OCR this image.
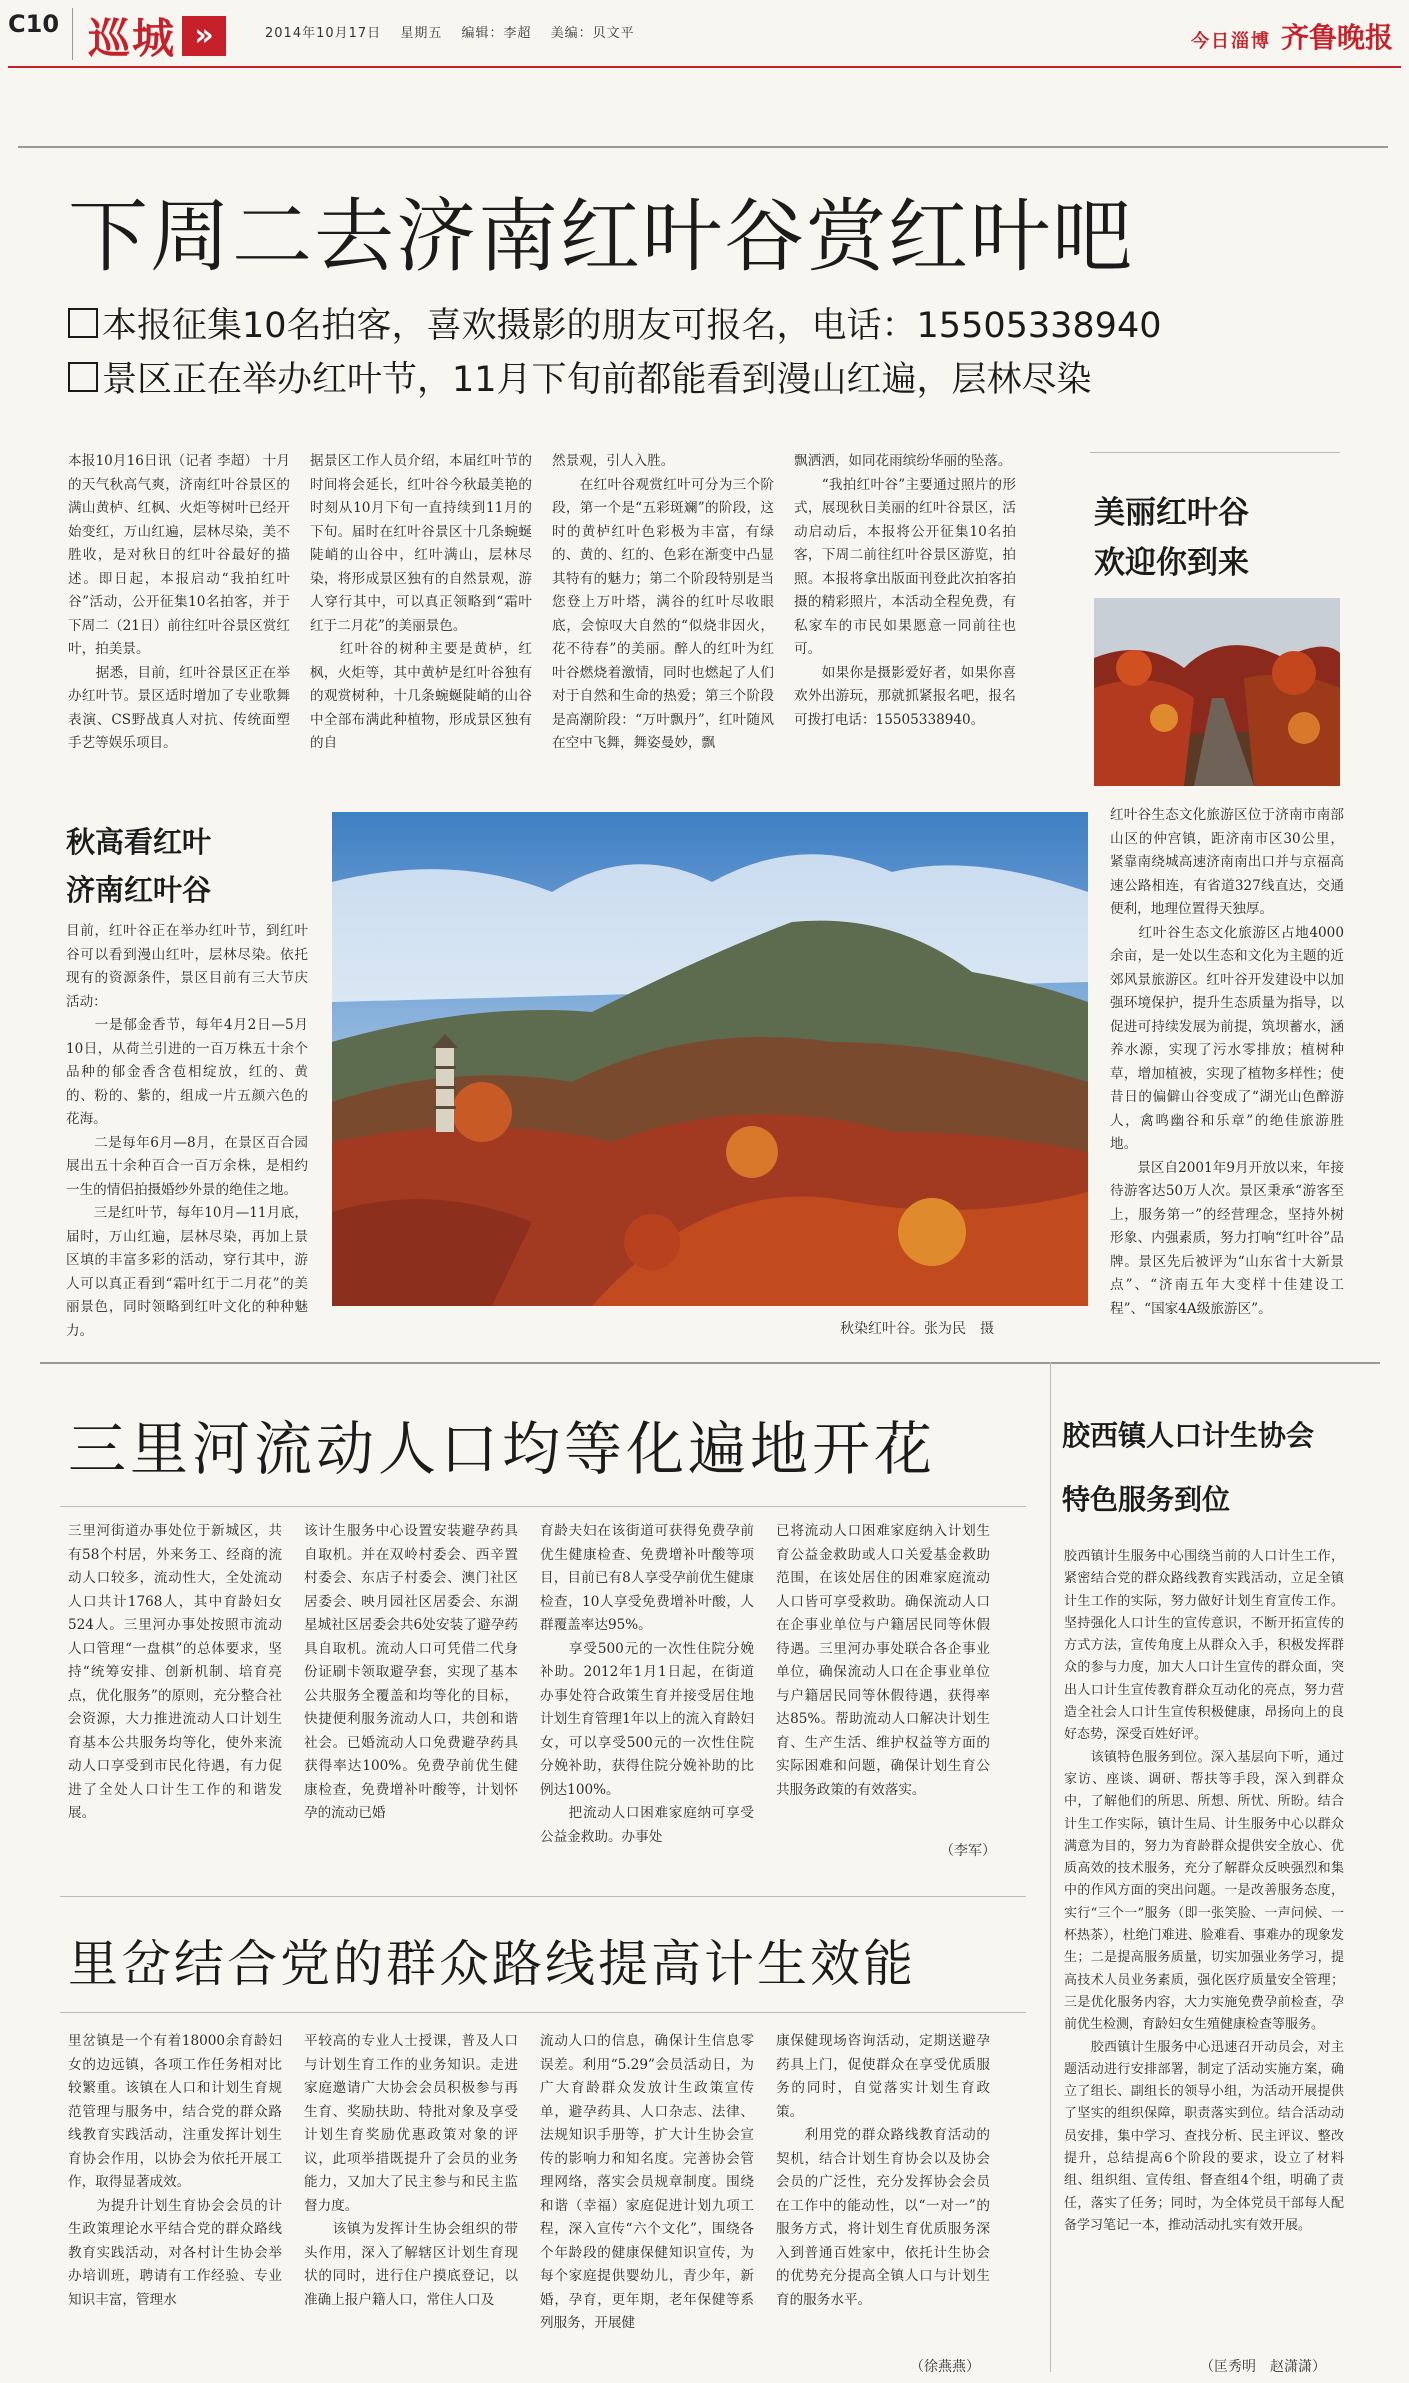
C10 巡城 »	2014年10月17日 星期五 编辑：李超 美编：贝文平	今日淄博 齐鲁晚报
下周二去济南红叶谷赏红叶吧
本报征集10名拍客，喜欢摄影的朋友可报名，电话：15505338940
景区正在举办红叶节，11月下旬前都能看到漫山红遍，层林尽染
本报10月16日讯（记者 李超） 十月的天气秋高气爽，济南红叶谷景区的满山黄栌、红枫、火炬等树叶已经开始变红，万山红遍，层林尽染，美不胜收，是对秋日的红叶谷最好的描述。即日起，本报启动“我拍红叶谷”活动，公开征集10名拍客，并于下周二（21日）前往红叶谷景区赏红叶，拍美景。
　　据悉，目前，红叶谷景区正在举办红叶节。景区适时增加了专业歌舞表演、CS野战真人对抗、传统面塑手艺等娱乐项目。
据景区工作人员介绍，本届红叶节的时间将会延长，红叶谷今秋最美艳的时刻从10月下旬一直持续到11月的下旬。届时在红叶谷景区十几条蜿蜒陡峭的山谷中，红叶满山，层林尽染，将形成景区独有的自然景观，游人穿行其中，可以真正领略到“霜叶红于二月花”的美丽景色。
　　红叶谷的树种主要是黄栌，红枫，火炬等，其中黄栌是红叶谷独有的观赏树种，十几条蜿蜒陡峭的山谷中全部布满此种植物，形成景区独有的自
然景观，引人入胜。
　　在红叶谷观赏红叶可分为三个阶段，第一个是“五彩斑斓”的阶段，这时的黄栌红叶色彩极为丰富，有绿的、黄的、红的、色彩在渐变中凸显其特有的魅力；第二个阶段特别是当您登上万叶塔，满谷的红叶尽收眼底，会惊叹大自然的“似烧非因火，花不待春”的美丽。醉人的红叶为红叶谷燃烧着激情，同时也燃起了人们对于自然和生命的热爱；第三个阶段是高潮阶段：“万叶飘丹”，红叶随风在空中飞舞，舞姿曼妙，飘
飘洒洒，如同花雨缤纷华丽的坠落。
　　“我拍红叶谷”主要通过照片的形式，展现秋日美丽的红叶谷景区，活动启动后，本报将公开征集10名拍客，下周二前往红叶谷景区游览，拍照。本报将拿出版面刊登此次拍客拍摄的精彩照片，本活动全程免费，有私家车的市民如果愿意一同前往也可。
　　如果你是摄影爱好者，如果你喜欢外出游玩，那就抓紧报名吧，报名可拨打电话：15505338940。
美丽红叶谷
欢迎你到来
红叶谷生态文化旅游区位于济南市南部山区的仲宫镇，距济南市区30公里，紧靠南绕城高速济南南出口并与京福高速公路相连，有省道327线直达，交通便利，地理位置得天独厚。
　　红叶谷生态文化旅游区占地4000余亩，是一处以生态和文化为主题的近郊风景旅游区。红叶谷开发建设中以加强环境保护，提升生态质量为指导，以促进可持续发展为前提，筑坝蓄水，涵养水源，实现了污水零排放；植树种草，增加植被，实现了植物多样性；使昔日的偏僻山谷变成了“湖光山色醉游人，禽鸣幽谷和乐章”的绝佳旅游胜地。
　　景区自2001年9月开放以来，年接待游客达50万人次。景区秉承“游客至上，服务第一”的经营理念，坚持外树形象、内强素质，努力打响“红叶谷”品牌。景区先后被评为“山东省十大新景点”、“济南五年大变样十佳建设工程”、“国家4A级旅游区”。
秋高看红叶
济南红叶谷
目前，红叶谷正在举办红叶节，到红叶谷可以看到漫山红叶，层林尽染。依托现有的资源条件，景区目前有三大节庆活动：
　　一是郁金香节，每年4月2日—5月10日，从荷兰引进的一百万株五十余个品种的郁金香含苞相绽放，红的、黄的、粉的、紫的，组成一片五颜六色的花海。
　　二是每年6月—8月，在景区百合园展出五十余种百合一百万余株，是相约一生的情侣拍摄婚纱外景的绝佳之地。
　　三是红叶节，每年10月—11月底，届时，万山红遍，层林尽染，再加上景区填的丰富多彩的活动，穿行其中，游人可以真正看到“霜叶红于二月花”的美丽景色，同时领略到红叶文化的种种魅力。	秋染红叶谷。张为民　摄
三里河流动人口均等化遍地开花
三里河街道办事处位于新城区，共有58个村居，外来务工、经商的流动人口较多，流动性大，全处流动人口共计1768人，其中育龄妇女524人。三里河办事处按照市流动人口管理“一盘棋”的总体要求，坚持“统筹安排、创新机制、培育亮点，优化服务”的原则，充分整合社会资源，大力推进流动人口计划生育基本公共服务均等化，使外来流动人口享受到市民化待遇，有力促进了全处人口计生工作的和谐发展。
该计生服务中心设置安装避孕药具自取机。并在双岭村委会、西辛置村委会、东店子村委会、澳门社区居委会、映月园社区居委会、东湖星城社区居委会共6处安装了避孕药具自取机。流动人口可凭借二代身份证刷卡领取避孕套，实现了基本公共服务全覆盖和均等化的目标，快捷便利服务流动人口，共创和谐社会。已婚流动人口免费避孕药具获得率达100%。免费孕前优生健康检查，免费增补叶酸等，计划怀孕的流动已婚
育龄夫妇在该街道可获得免费孕前优生健康检查、免费增补叶酸等项目，目前已有8人享受孕前优生健康检查，10人享受免费增补叶酸，人群覆盖率达95%。
　　享受500元的一次性住院分娩补助。2012年1月1日起，在街道办事处符合政策生育并接受居住地计划生育管理1年以上的流入育龄妇女，可以享受500元的一次性住院分娩补助，获得住院分娩补助的比例达100%。
　　把流动人口困难家庭纳可享受公益金救助。办事处
已将流动人口困难家庭纳入计划生育公益金救助或人口关爱基金救助范围，在该处居住的困难家庭流动人口皆可享受救助。确保流动人口在企事业单位与户籍居民同等休假待遇。三里河办事处联合各企事业单位，确保流动人口在企事业单位与户籍居民同等休假待遇，获得率达85%。帮助流动人口解决计划生育、生产生活、维护权益等方面的实际困难和问题，确保计划生育公共服务政策的有效落实。
（李军）
里岔结合党的群众路线提高计生效能
里岔镇是一个有着18000余育龄妇女的边远镇，各项工作任务相对比较繁重。该镇在人口和计划生育规范管理与服务中，结合党的群众路线教育实践活动，注重发挥计划生育协会作用，以协会为依托开展工作，取得显著成效。
　　为提升计划生育协会会员的计生政策理论水平结合党的群众路线教育实践活动，对各村计生协会举办培训班，聘请有工作经验、专业知识丰富，管理水
平较高的专业人士授课，普及人口与计划生育工作的业务知识。走进家庭邀请广大协会会员积极参与再生育、奖励扶助、特批对象及享受计划生育奖励优惠政策对象的评议，此项举措既提升了会员的业务能力，又加大了民主参与和民主监督力度。
　　该镇为发挥计生协会组织的带头作用，深入了解辖区计划生育现状的同时，进行住户摸底登记，以准确上报户籍人口，常住人口及
流动人口的信息，确保计生信息零误差。利用“5.29”会员活动日，为广大育龄群众发放计生政策宣传单，避孕药具、人口杂志、法律、法规知识手册等，扩大计生协会宣传的影响力和知名度。完善协会管理网络，落实会员规章制度。围绕和谐（幸福）家庭促进计划九项工程，深入宣传“六个文化”，围绕各个年龄段的健康保健知识宣传，为每个家庭提供婴幼儿，青少年，新婚，孕育，更年期，老年保健等系列服务，开展健
康保健现场咨询活动，定期送避孕药具上门，促使群众在享受优质服务的同时，自觉落实计划生育政策。
　　利用党的群众路线教育活动的契机，结合计划生育协会以及协会会员的广泛性，充分发挥协会会员在工作中的能动性，以“一对一”的服务方式，将计划生育优质服务深入到普通百姓家中，依托计生协会的优势充分提高全镇人口与计划生育的服务水平。
（徐燕燕）
胶西镇人口计生协会
特色服务到位
胶西镇计生服务中心围绕当前的人口计生工作，紧密结合党的群众路线教育实践活动，立足全镇计生工作的实际，努力做好计划生育宣传工作。坚持强化人口计生的宣传意识，不断开拓宣传的方式方法，宣传角度上从群众入手，积极发挥群众的参与力度，加大人口计生宣传的群众面，突出人口计生宣传教育群众互动化的亮点，努力营造全社会人口计生宣传积极健康，昂扬向上的良好态势，深受百姓好评。
　　该镇特色服务到位。深入基层向下听，通过家访、座谈、调研、帮扶等手段，深入到群众中，了解他们的所思、所想、所忧、所盼。结合计生工作实际，镇计生局、计生服务中心以群众满意为目的，努力为育龄群众提供安全放心、优质高效的技术服务，充分了解群众反映强烈和集中的作风方面的突出问题。一是改善服务态度，实行“三个一”服务（即一张笑脸、一声问候、一杯热茶），杜绝门难进、脸难看、事难办的现象发生；二是提高服务质量，切实加强业务学习，提高技术人员业务素质，强化医疗质量安全管理；三是优化服务内容，大力实施免费孕前检查，孕前优生检测，育龄妇女生殖健康检查等服务。
　　胶西镇计生服务中心迅速召开动员会，对主题活动进行安排部署，制定了活动实施方案，确立了组长、副组长的领导小组，为活动开展提供了坚实的组织保障，职责落实到位。结合活动动员安排，集中学习、查找分析、民主评议、整改提升，总结提高6个阶段的要求，设立了材料组、组织组、宣传组、督查组4个组，明确了责任，落实了任务；同时，为全体党员干部每人配备学习笔记一本，推动活动扎实有效开展。
（匡秀明　赵潇潇）
